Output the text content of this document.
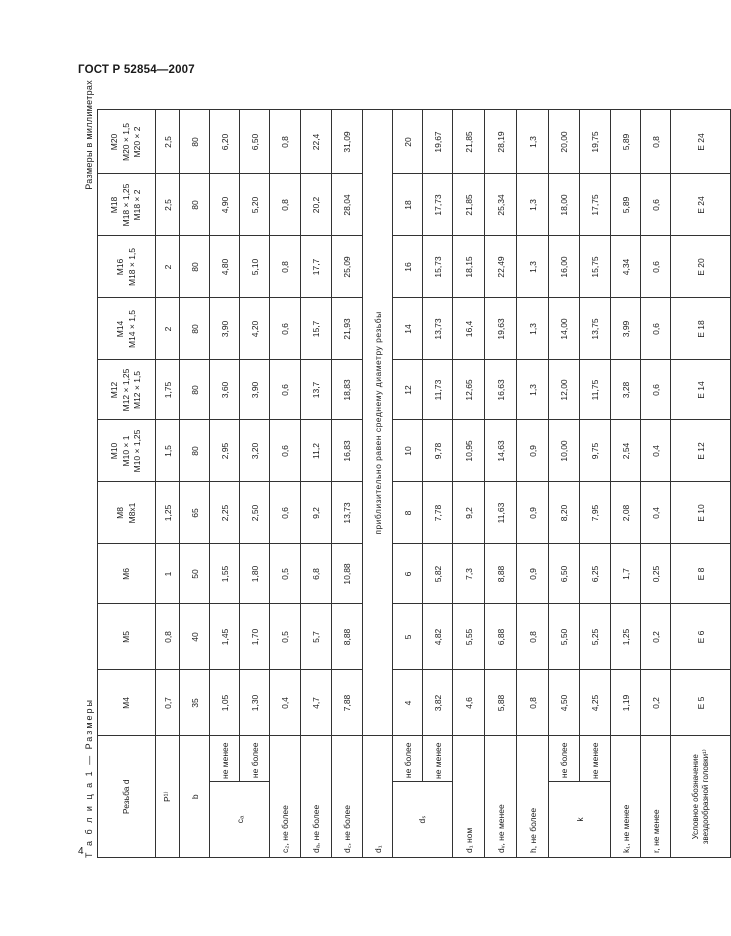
ГОСТ Р 52854—2007
Т а б л и ц а 1 — Размеры
Размеры в миллиметрах
Резьба d		M4	M5	M6	M8 M8x1	M10 M10 × 1 M10 × 1,25	M12 M12 × 1,25 M12 × 1,5	M14 M14 × 1,5	M16 M18 × 1,5	M18 M18 × 1,25 M18 × 2	M20 M20 × 1,5 M20 × 2

P¹⁾		0,7	0,8	1	1,25	1,5	1,75	2	2	2,5	2,5
b		35	40	50	65	80	80	80	80	80	80
cₐ	не менее	1,05	1,45	1,55	2,25	2,95	3,60	3,90	4,80	4,90	6,20
	не более	1,30	1,70	1,80	2,50	3,20	3,90	4,20	5,10	5,20	6,50
c₂, не более		0,4	0,5	0,5	0,6	0,6	0,6	0,6	0,8	0,8	0,8
dₐ, не более		4,7	5,7	6,8	9,2	11,2	13,7	15,7	17,7	20,2	22,4
d꜀, не более		7,88	8,88	10,88	13,73	16,83	18,83	21,93	25,09	28,04	31,09
d₁		приблизительно равен среднему диаметру резьбы									
dₛ	не более	4	5	6	8	10	12	14	16	18	20
	не менее	3,82	4,82	5,82	7,78	9,78	11,73	13,73	15,73	17,73	19,67
d₁ ном		4,6	5,55	7,3	9,2	10,95	12,65	16,4	18,15	21,85	21,85
dᵥ, не менее		5,88	6,88	8,88	11,63	14,63	16,63	19,63	22,49	25,34	28,19
h, не более		0,8	0,8	0,9	0,9	0,9	1,3	1,3	1,3	1,3	1,3
k	не более	4,50	5,50	6,50	8,20	10,00	12,00	14,00	16,00	18,00	20,00
	не менее	4,25	5,25	6,25	7,95	9,75	11,75	13,75	15,75	17,75	19,75
k₁, не менее		1,19	1,25	1,7	2,08	2,54	3,28	3,99	4,34	5,89	5,89
r, не менее		0,2	0,2	0,25	0,4	0,4	0,6	0,6	0,6	0,6	0,8
Условное обозначение звездообразной головки¹⁾		E 5	E 6	E 8	E 10	E 12	E 14	E 18	E 20	E 24	E 24
4
